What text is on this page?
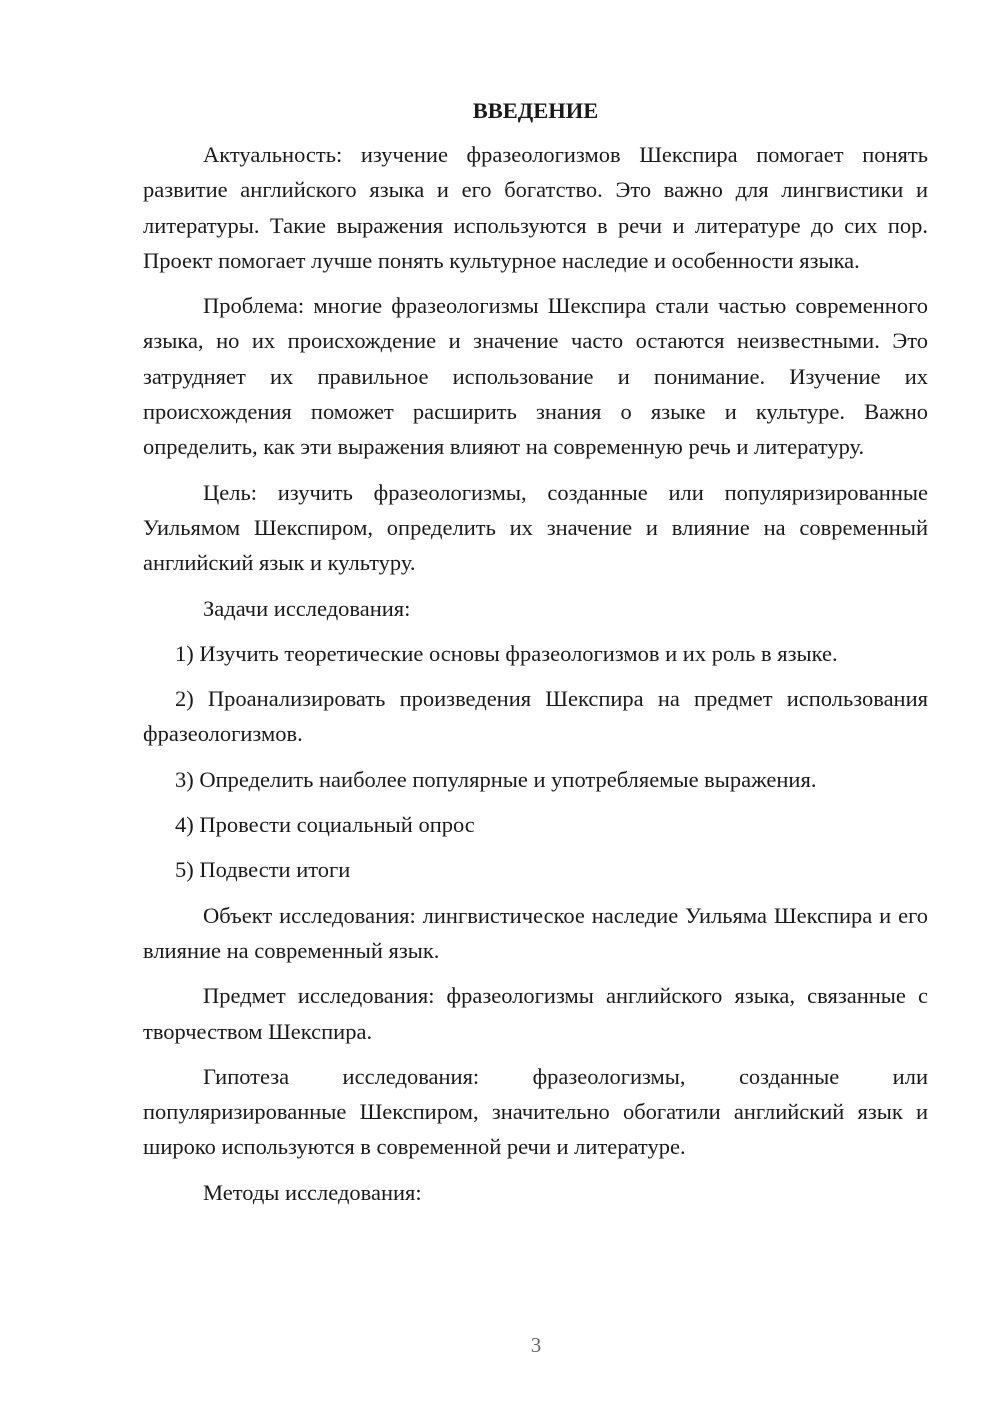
ВВЕДЕНИЕ

Актуальность: изучение фразеологизмов Шекспира помогает понять развитие английского языка и его богатство. Это важно для лингвистики и литературы. Такие выражения используются в речи и литературе до сих пор. Проект помогает лучше понять культурное наследие и особенности языка.

Проблема: многие фразеологизмы Шекспира стали частью современного языка, но их происхождение и значение часто остаются неизвестными. Это затрудняет их правильное использование и понимание. Изучение их происхождения поможет расширить знания о языке и культуре. Важно определить, как эти выражения влияют на современную речь и литературу.

Цель: изучить фразеологизмы, созданные или популяризированные Уильямом Шекспиром, определить их значение и влияние на современный английский язык и культуру.

Задачи исследования:

1) Изучить теоретические основы фразеологизмов и их роль в языке.

2) Проанализировать произведения Шекспира на предмет использования фразеологизмов.

3) Определить наиболее популярные и употребляемые выражения.

4) Провести социальный опрос

5) Подвести итоги

Объект исследования: лингвистическое наследие Уильяма Шекспира и его влияние на современный язык.

Предмет исследования: фразеологизмы английского языка, связанные с творчеством Шекспира.

Гипотеза исследования: фразеологизмы, созданные или популяризированные Шекспиром, значительно обогатили английский язык и широко используются в современной речи и литературе.

Методы исследования:

3
